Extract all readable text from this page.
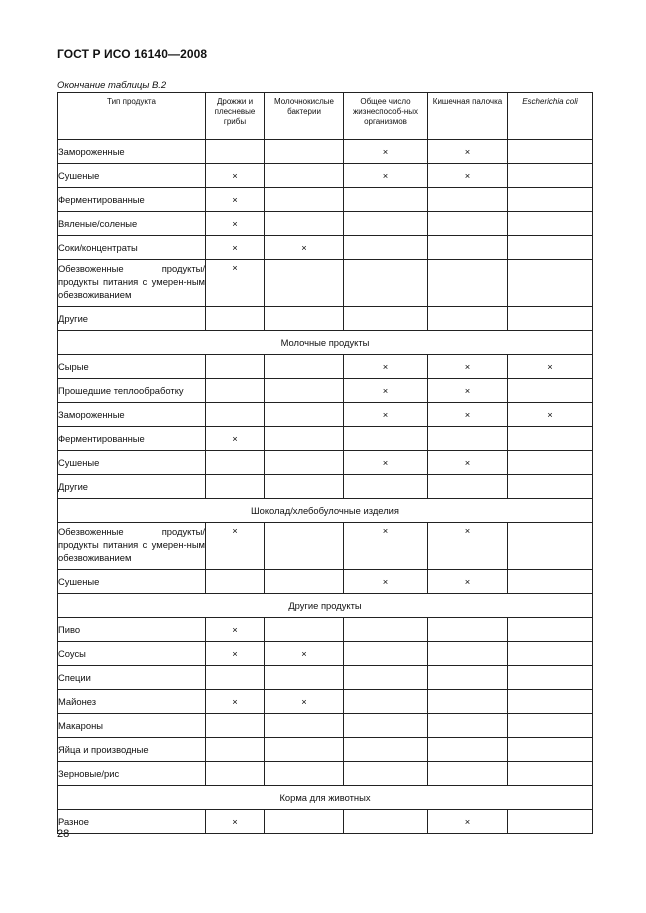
ГОСТ Р ИСО 16140—2008
Окончание таблицы В.2
Тип продукта	Дрожжи и плесневые грибы	Молочнокислые бактерии	Общее число жизнеспособ-ных организмов	Кишечная палочка	Escherichia coli
Замороженные			×	×	
Сушеные	×		×	×	
Ферментированные	×				
Вяленые/соленые	×				
Соки/концентраты	×	×			
Обезвоженные продукты/ продукты питания с умерен-ным обезвоживанием	×				
Другие					
Молочные продукты					
Сырые			×	×	×
Прошедшие теплообработку			×	×	
Замороженные			×	×	×
Ферментированные	×				
Сушеные			×	×	
Другие					
Шоколад/хлебобулочные изделия					
Обезвоженные продукты/ продукты питания с умерен-ным обезвоживанием	×		×	×	
Сушеные			×	×	
Другие продукты					
Пиво	×				
Соусы	×	×			
Специи					
Майонез	×	×			
Макароны					
Яйца и производные					
Зерновые/рис					
Корма для животных					
Разное	×			×	
28
